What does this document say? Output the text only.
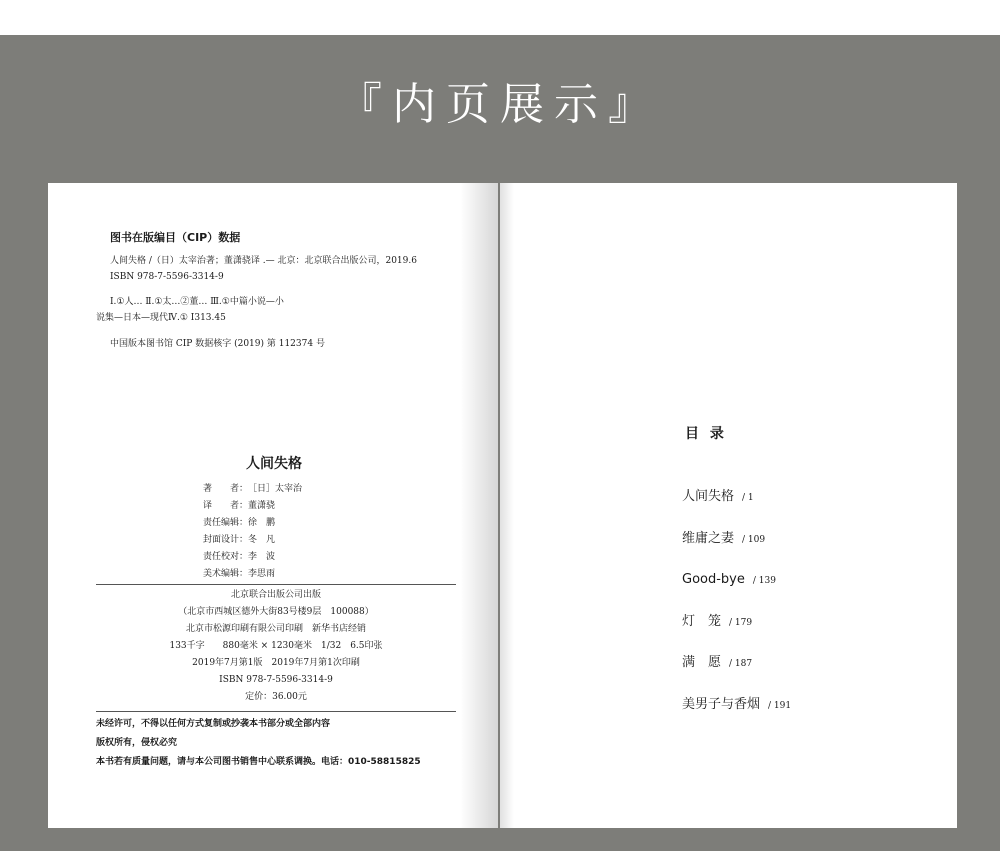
『内页展示』
图书在版编目（CIP）数据
人间失格 /（日）太宰治著；董潇骁译 .— 北京：北京联合出版公司，2019.6
ISBN 978-7-5596-3314-9
Ⅰ.①人… Ⅱ.①太…②董… Ⅲ.①中篇小说—小
说集—日本—现代Ⅳ.① I313.45
中国版本图书馆 CIP 数据核字 (2019) 第 112374 号
人间失格
著　　者：［日］太宰治
译　　者：董潇骁
责任编辑：徐　鹏
封面设计：冬　凡
责任校对：李　波
美术编辑：李思雨
北京联合出版公司出版
（北京市西城区德外大街83号楼9层　100088）
北京市松源印刷有限公司印刷　新华书店经销
133千字　　880毫米 × 1230毫米　1/32　6.5印张
2019年7月第1版　2019年7月第1次印刷
ISBN 978-7-5596-3314-9
定价：36.00元
未经许可，不得以任何方式复制或抄袭本书部分或全部内容
版权所有，侵权必究
本书若有质量问题，请与本公司图书销售中心联系调换。电话：010-58815825
目 录
人间失格 / 1
维庸之妻 / 109
Good-bye / 139
灯　笼 / 179
满　愿 / 187
美男子与香烟 / 191
